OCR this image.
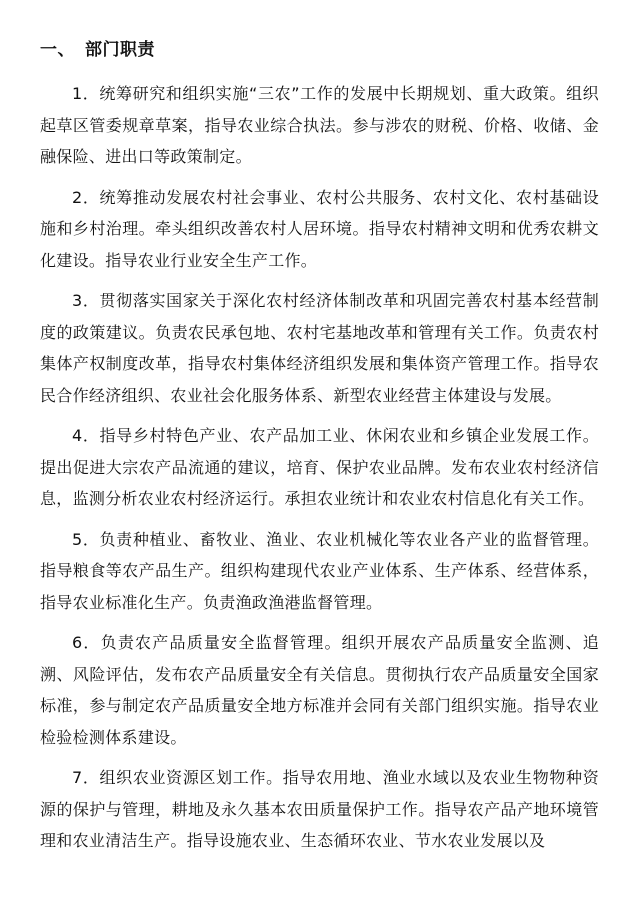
一、 部门职责

1．统筹研究和组织实施“三农”工作的发展中长期规划、重大政策。组织起草区管委规章草案，指导农业综合执法。参与涉农的财税、价格、收储、金融保险、进出口等政策制定。

2．统筹推动发展农村社会事业、农村公共服务、农村文化、农村基础设施和乡村治理。牵头组织改善农村人居环境。指导农村精神文明和优秀农耕文化建设。指导农业行业安全生产工作。

3．贯彻落实国家关于深化农村经济体制改革和巩固完善农村基本经营制度的政策建议。负责农民承包地、农村宅基地改革和管理有关工作。负责农村集体产权制度改革，指导农村集体经济组织发展和集体资产管理工作。指导农民合作经济组织、农业社会化服务体系、新型农业经营主体建设与发展。

4．指导乡村特色产业、农产品加工业、休闲农业和乡镇企业发展工作。提出促进大宗农产品流通的建议，培育、保护农业品牌。发布农业农村经济信息，监测分析农业农村经济运行。承担农业统计和农业农村信息化有关工作。

5．负责种植业、畜牧业、渔业、农业机械化等农业各产业的监督管理。指导粮食等农产品生产。组织构建现代农业产业体系、生产体系、经营体系，指导农业标准化生产。负责渔政渔港监督管理。

6．负责农产品质量安全监督管理。组织开展农产品质量安全监测、追溯、风险评估，发布农产品质量安全有关信息。贯彻执行农产品质量安全国家标准，参与制定农产品质量安全地方标准并会同有关部门组织实施。指导农业检验检测体系建设。

7．组织农业资源区划工作。指导农用地、渔业水域以及农业生物物种资源的保护与管理，耕地及永久基本农田质量保护工作。指导农产品产地环境管理和农业清洁生产。指导设施农业、生态循环农业、节水农业发展以及
